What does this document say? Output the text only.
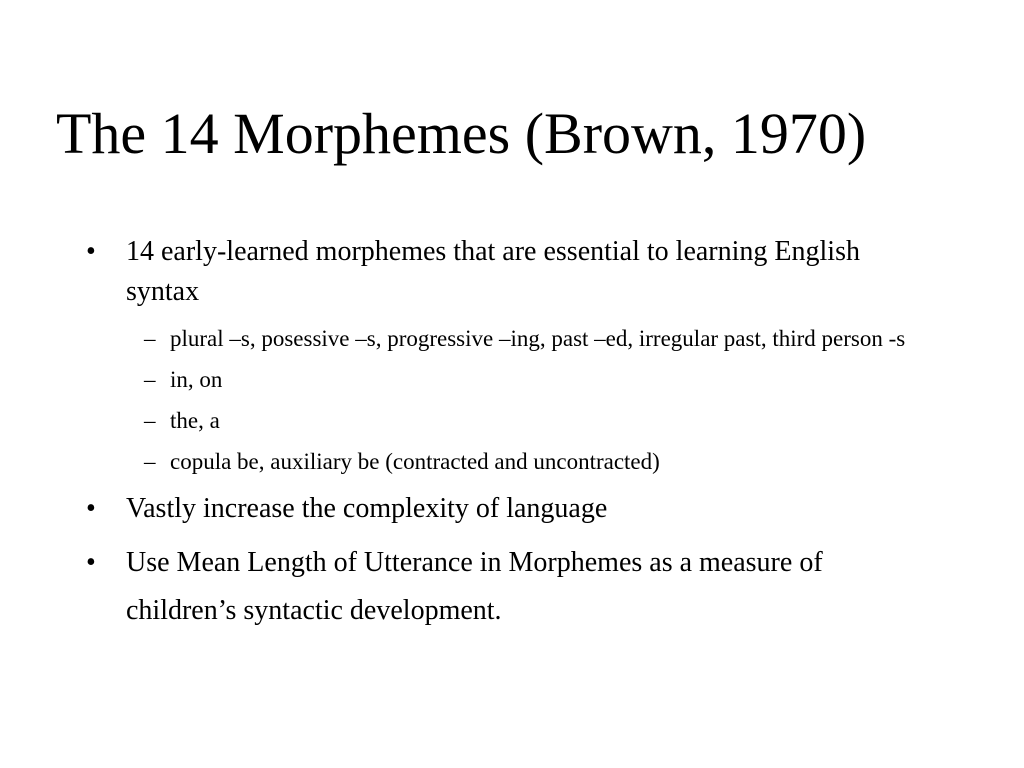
The 14 Morphemes (Brown, 1970)
• 14 early-learned morphemes that are essential to learning English syntax
– plural –s, posessive –s, progressive –ing, past –ed, irregular past, third person -s
– in, on
– the, a
– copula be, auxiliary be (contracted and uncontracted)
• Vastly increase the complexity of language
• Use Mean Length of Utterance in Morphemes as a measure of children’s syntactic development.
